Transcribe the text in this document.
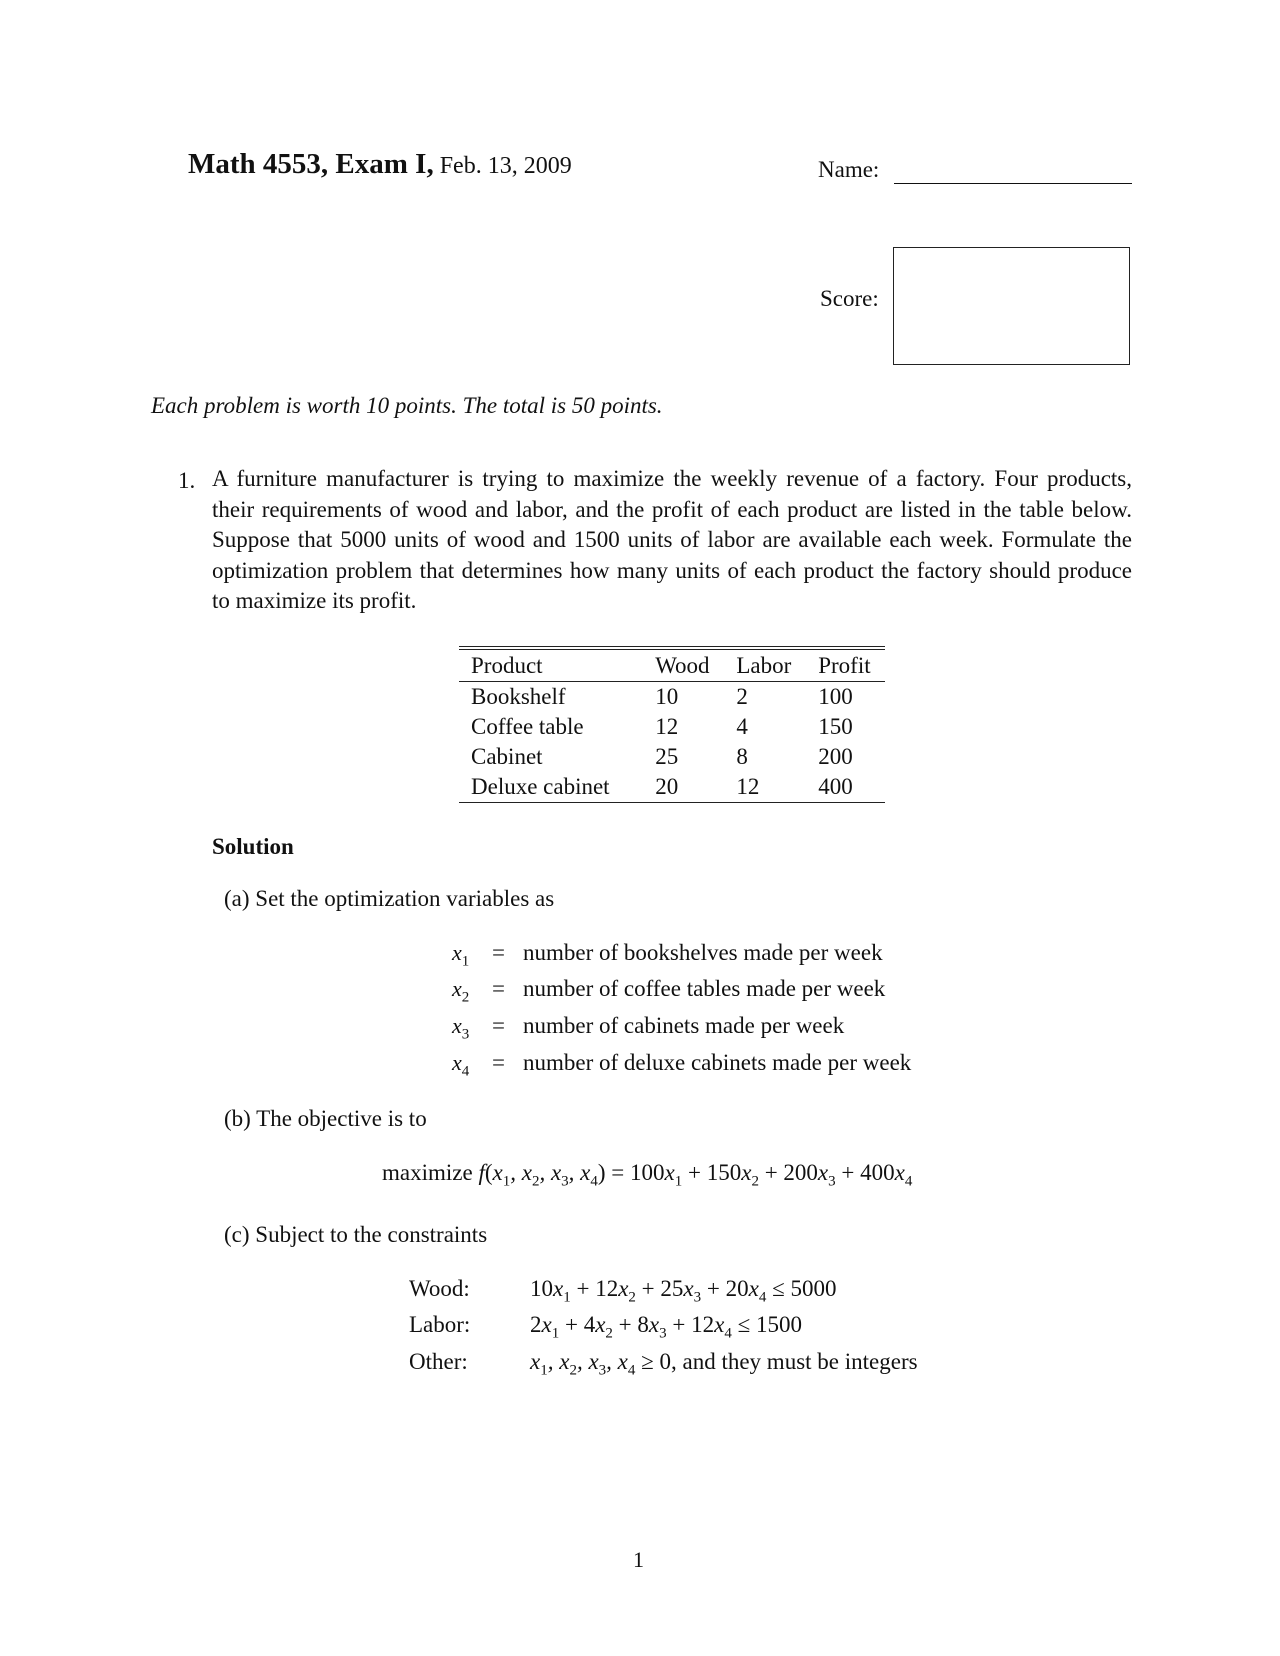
Math 4553, Exam I, Feb. 13, 2009	Name:
Score:
Each problem is worth 10 points. The total is 50 points.
1. A furniture manufacturer is trying to maximize the weekly revenue of a factory. Four products, their requirements of wood and labor, and the profit of each product are listed in the table below. Suppose that 5000 units of wood and 1500 units of labor are available each week. Formulate the optimization problem that determines how many units of each product the factory should produce to maximize its profit.
Product	Wood	Labor	Profit
Bookshelf	10	2	100
Coffee table	12	4	150
Cabinet	25	8	200
Deluxe cabinet	20	12	400
Solution
(a) Set the optimization variables as
$x_1$ = number of bookshelves made per week
$x_2$ = number of coffee tables made per week
$x_3$ = number of cabinets made per week
$x_4$ = number of deluxe cabinets made per week
(b) The objective is to
maximize $f(x_1$, $x_2$, $x_3$, $x_4) = 100x_1 + 150x_2 + 200x_3 + 400x_4$
(c) Subject to the constraints
Wood:	$10x_1 + 12x_2 + 25x_3 + 20x_4 \le 5000$
Labor:	$2x_1 + 4x_2 + 8x_3 + 12x_4 \le 1500$
Other:	$x_1$, $x_2$, $x_3$, $x_4 \ge 0$, and they must be integers
1
